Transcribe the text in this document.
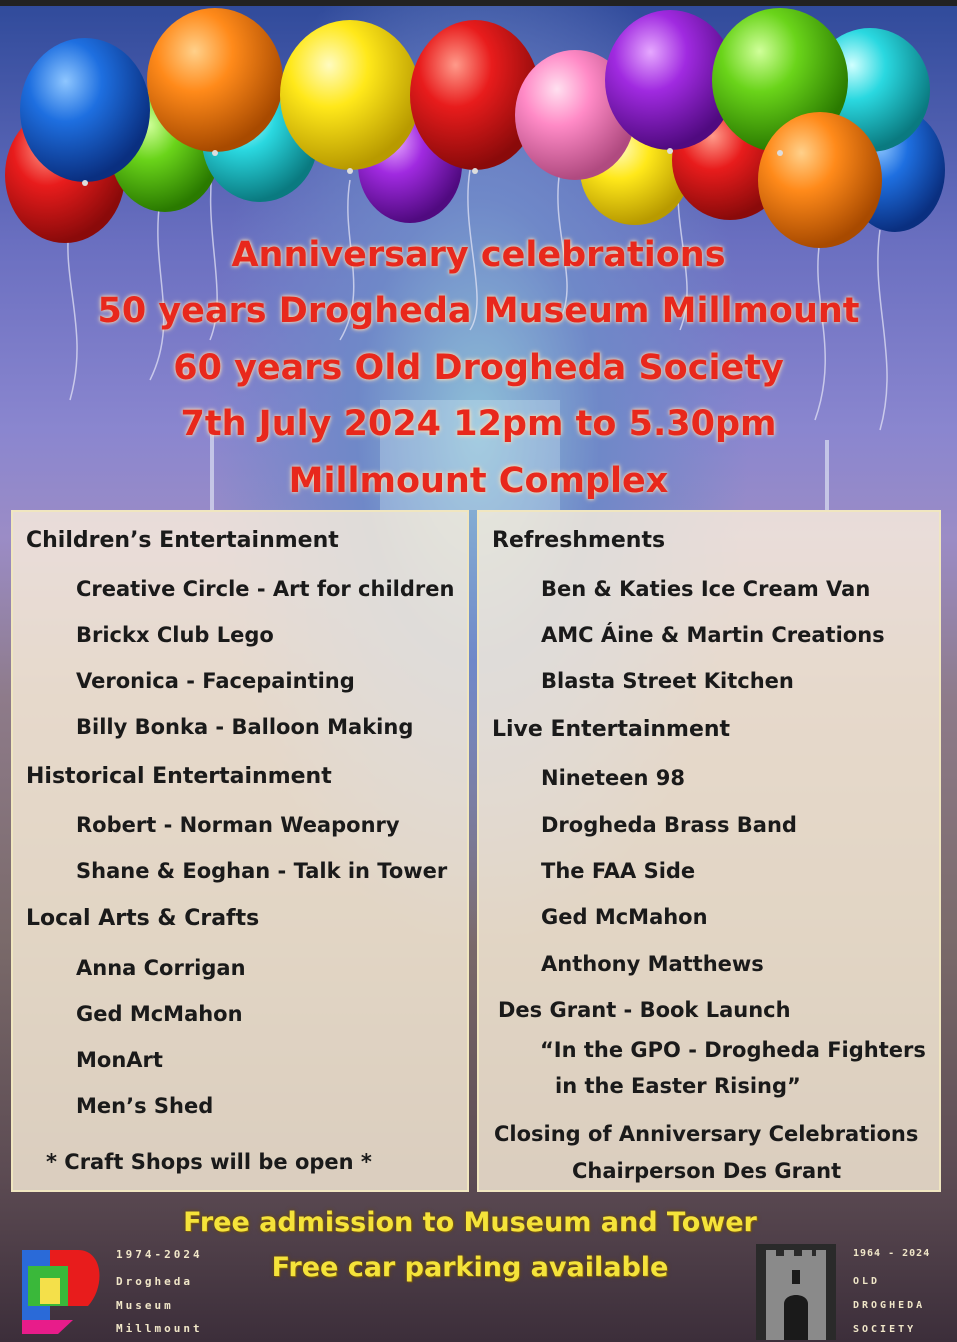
Anniversary celebrations
50 years Drogheda Museum Millmount
60 years Old Drogheda Society
7th July 2024 12pm to 5.30pm
Millmount Complex
Children’s Entertainment
Creative Circle - Art for children
Brickx Club Lego
Veronica - Facepainting
Billy Bonka - Balloon Making
Historical Entertainment
Robert - Norman Weaponry
Shane & Eoghan - Talk in Tower
Local Arts & Crafts
Anna Corrigan
Ged McMahon
MonArt
Men’s Shed
* Craft Shops will be open *
Refreshments
Ben & Katies Ice Cream Van
AMC Áine & Martin Creations
Blasta Street Kitchen
Live Entertainment
Nineteen 98
Drogheda Brass Band
The FAA Side
Ged McMahon
Anthony Matthews
Des Grant - Book Launch
“In the GPO - Drogheda Fighters
in the Easter Rising”
Closing of Anniversary Celebrations
Chairperson Des Grant
Free admission to Museum and Tower
Free car parking available
1974-2024
Drogheda
Museum
Millmount
1964 - 2024
OLD
DROGHEDA
SOCIETY
